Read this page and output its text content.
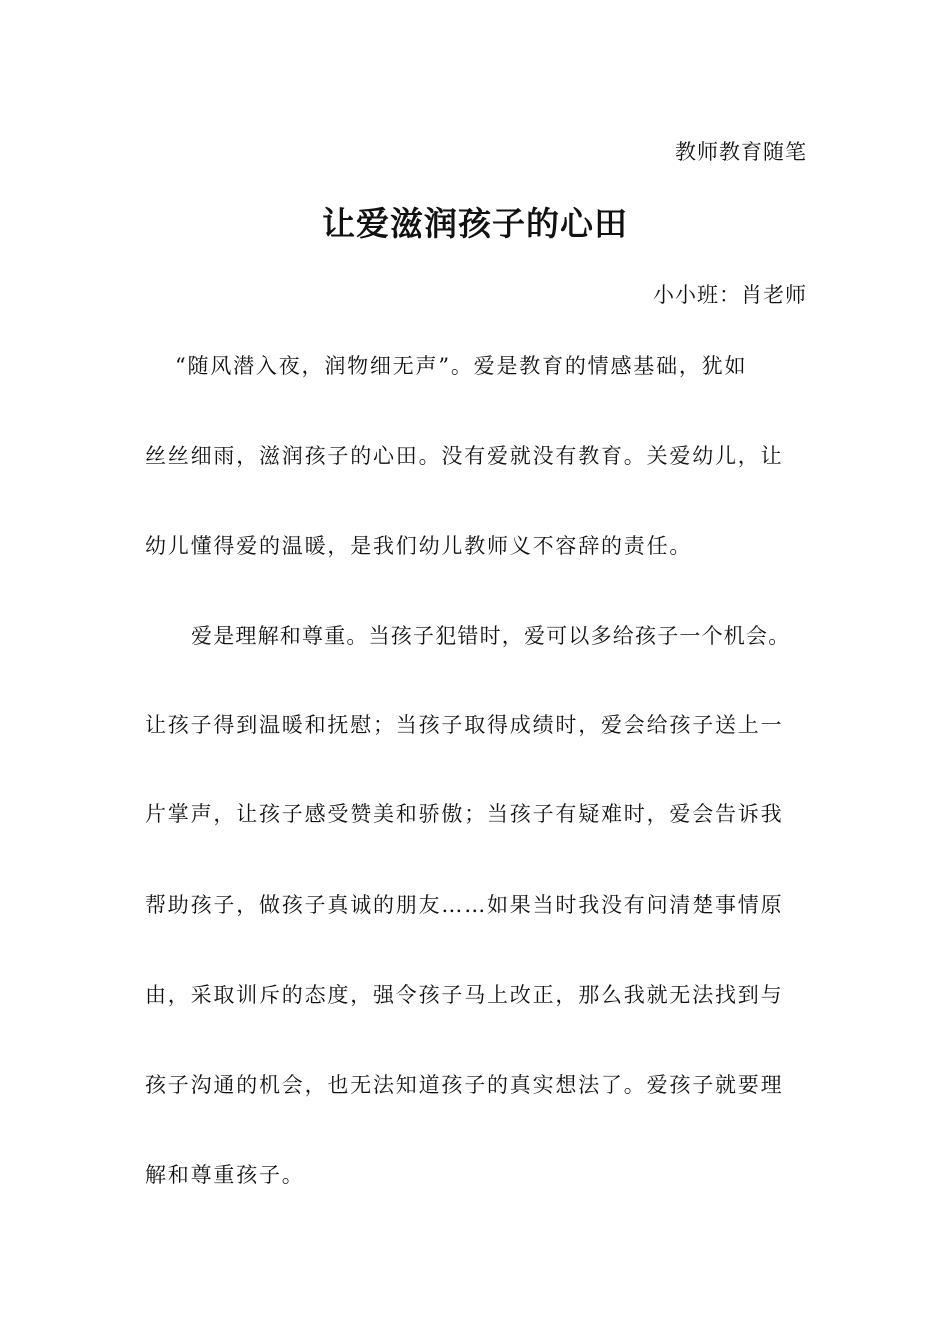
教师教育随笔
让爱滋润孩子的心田
小小班：肖老师
“随风潜入夜，润物细无声”。爱是教育的情感基础，犹如
丝丝细雨，滋润孩子的心田。没有爱就没有教育。关爱幼儿，让
幼儿懂得爱的温暖，是我们幼儿教师义不容辞的责任。
爱是理解和尊重。当孩子犯错时，爱可以多给孩子一个机会。
让孩子得到温暖和抚慰；当孩子取得成绩时，爱会给孩子送上一
片掌声，让孩子感受赞美和骄傲；当孩子有疑难时，爱会告诉我
帮助孩子，做孩子真诚的朋友……如果当时我没有问清楚事情原
由，采取训斥的态度，强令孩子马上改正，那么我就无法找到与
孩子沟通的机会，也无法知道孩子的真实想法了。爱孩子就要理
解和尊重孩子。
